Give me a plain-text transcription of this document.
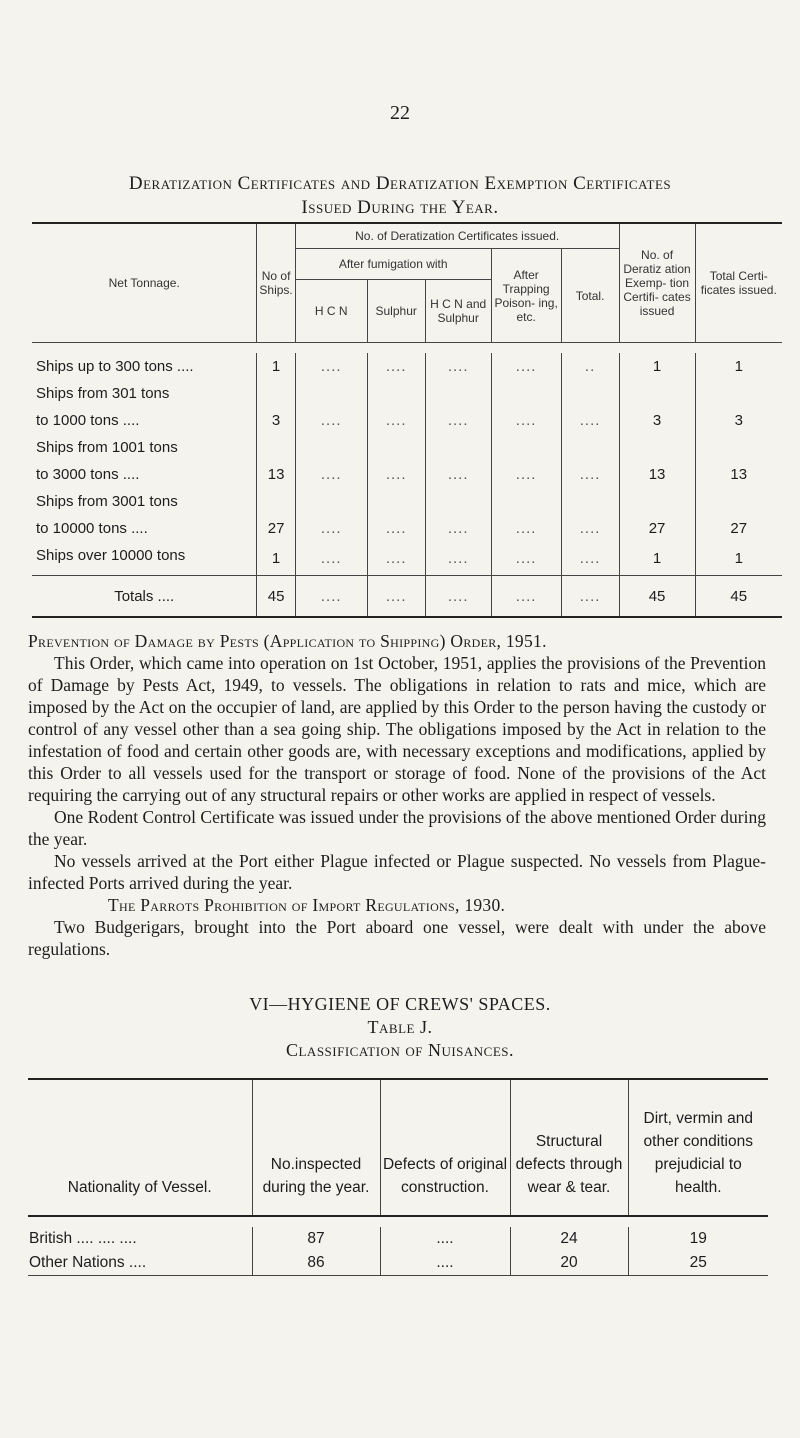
22
Deratization Certificates and Deratization Exemption Certificates
Issued During the Year.
Net Tonnage.	No of Ships.	No. of Deratization Certificates issued.					No. of Deratiz ation Exemp- tion Certifi- cates issued	Total Certi- ficates issued.
		After fumigation with			After Trapping Poison- ing, etc.	Total.		
		H C N	Sulphur	H C N and Sulphur				

Ships up to 300 tons ....	1	....	....	....	....	..	1	1
Ships from 301 tons								
to 1000 tons ....	3	....	....	....	....	....	3	3
Ships from 1001 tons								
to 3000 tons ....	13	....	....	....	....	....	13	13
Ships from 3001 tons								
to 10000 tons ....	27	....	....	....	....	....	27	27
Ships over 10000 tons	1	....	....	....	....	....	1	1
Totals ....	45	....	....	....	....	....	45	45

Prevention of Damage by Pests (Application to Shipping) Order, 1951.

This Order, which came into operation on 1st October, 1951, applies the provisions of the Prevention of Damage by Pests Act, 1949, to vessels. The obligations in relation to rats and mice, which are imposed by the Act on the occupier of land, are applied by this Order to the person having the custody or control of any vessel other than a sea going ship. The obligations imposed by the Act in relation to the infestation of food and certain other goods are, with necessary exceptions and modifications, applied by this Order to all vessels used for the transport or storage of food. None of the provisions of the Act requiring the carrying out of any structural repairs or other works are applied in respect of vessels.

One Rodent Control Certificate was issued under the provisions of the above mentioned Order during the year.

No vessels arrived at the Port either Plague infected or Plague suspected. No vessels from Plague-infected Ports arrived during the year.

The Parrots Prohibition of Import Regulations, 1930.

Two Budgerigars, brought into the Port aboard one vessel, were dealt with under the above regulations.

VI—HYGIENE OF CREWS' SPACES.
Table J.
Classification of Nuisances.
Nationality of Vessel.	No.inspected during the year.	Defects of original construction.	Structural defects through wear & tear.	Dirt, vermin and other conditions prejudicial to health.

British .... .... ....	87	....	24	19
Other Nations ....	86	....	20	25
